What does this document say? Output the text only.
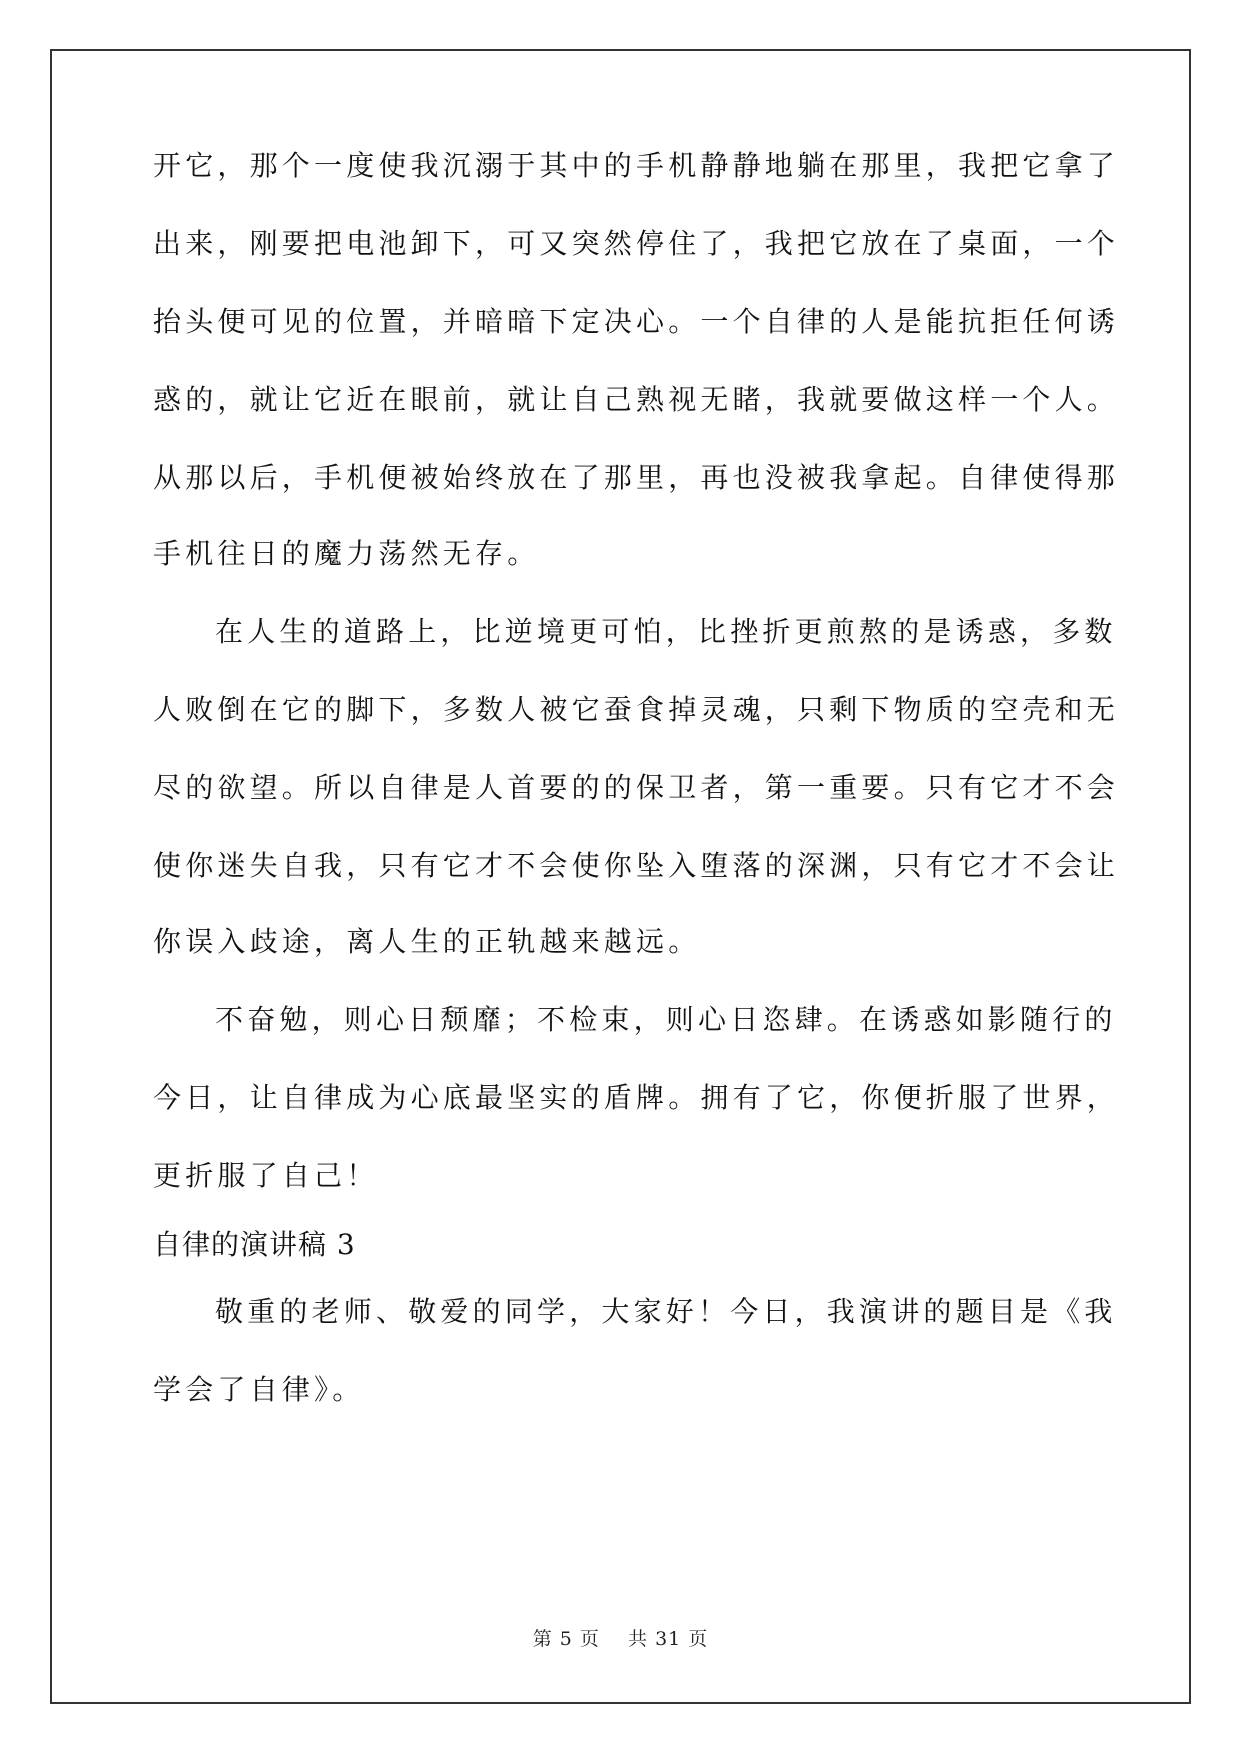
开它，那个一度使我沉溺于其中的手机静静地躺在那里，我把它拿了
出来，刚要把电池卸下，可又突然停住了，我把它放在了桌面，一个
抬头便可见的位置，并暗暗下定决心。一个自律的人是能抗拒任何诱
惑的，就让它近在眼前，就让自己熟视无睹，我就要做这样一个人。
从那以后，手机便被始终放在了那里，再也没被我拿起。自律使得那
手机往日的魔力荡然无存。
在人生的道路上，比逆境更可怕，比挫折更煎熬的是诱惑，多数
人败倒在它的脚下，多数人被它蚕食掉灵魂，只剩下物质的空壳和无
尽的欲望。所以自律是人首要的的保卫者，第一重要。只有它才不会
使你迷失自我，只有它才不会使你坠入堕落的深渊，只有它才不会让
你误入歧途，离人生的正轨越来越远。
不奋勉，则心日颓靡；不检束，则心日恣肆。在诱惑如影随行的
今日，让自律成为心底最坚实的盾牌。拥有了它，你便折服了世界，
更折服了自己！
自律的演讲稿 3
敬重的老师、敬爱的同学，大家好！今日，我演讲的题目是《我
学会了自律》。
第 5 页 共 31 页
